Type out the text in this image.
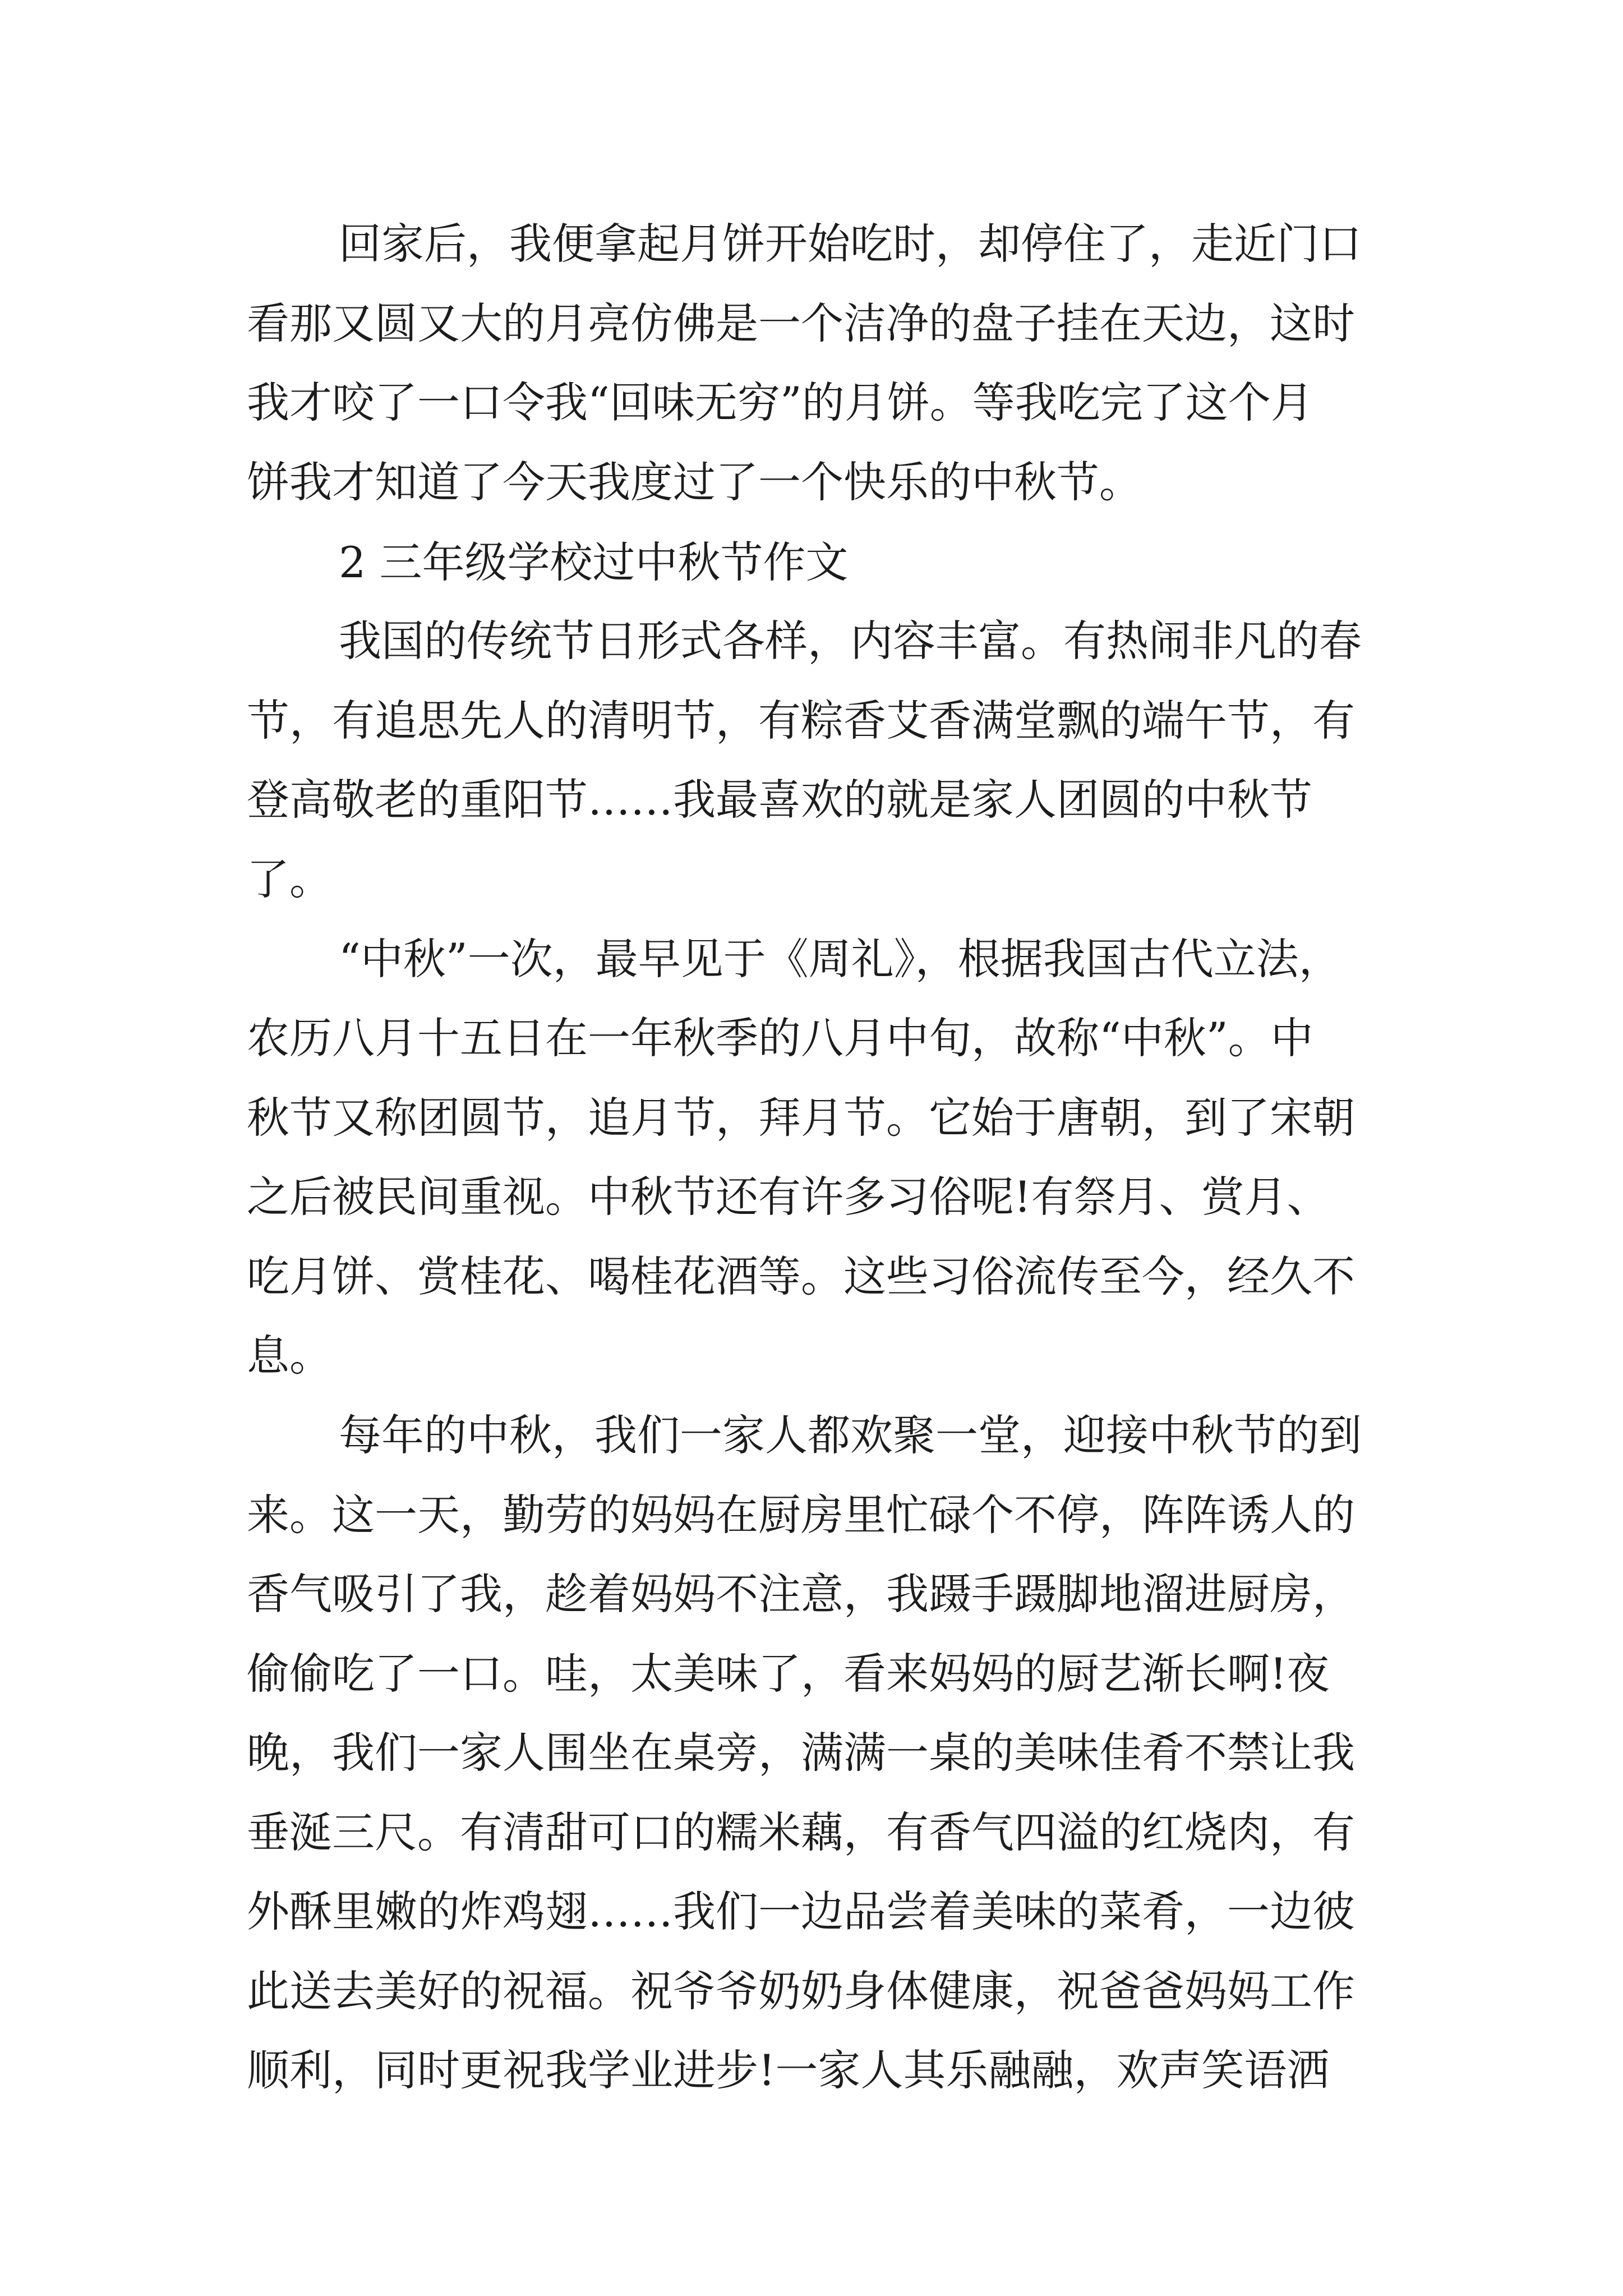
回家后，我便拿起月饼开始吃时，却停住了，走近门口

看那又圆又大的月亮仿佛是一个洁净的盘子挂在天边，这时

我才咬了一口令我“回味无穷”的月饼。等我吃完了这个月

饼我才知道了今天我度过了一个快乐的中秋节。

2 三年级学校过中秋节作文

我国的传统节日形式各样，内容丰富。有热闹非凡的春

节，有追思先人的清明节，有粽香艾香满堂飘的端午节，有

登高敬老的重阳节……我最喜欢的就是家人团圆的中秋节

了。

“中秋”一次，最早见于《周礼》，根据我国古代立法，

农历八月十五日在一年秋季的八月中旬，故称“中秋”。中

秋节又称团圆节，追月节，拜月节。它始于唐朝，到了宋朝

之后被民间重视。中秋节还有许多习俗呢!有祭月、赏月、

吃月饼、赏桂花、喝桂花酒等。这些习俗流传至今，经久不

息。

每年的中秋，我们一家人都欢聚一堂，迎接中秋节的到

来。这一天，勤劳的妈妈在厨房里忙碌个不停，阵阵诱人的

香气吸引了我，趁着妈妈不注意，我蹑手蹑脚地溜进厨房，

偷偷吃了一口。哇，太美味了，看来妈妈的厨艺渐长啊!夜

晚，我们一家人围坐在桌旁，满满一桌的美味佳肴不禁让我

垂涎三尺。有清甜可口的糯米藕，有香气四溢的红烧肉，有

外酥里嫩的炸鸡翅……我们一边品尝着美味的菜肴，一边彼

此送去美好的祝福。祝爷爷奶奶身体健康，祝爸爸妈妈工作

顺利，同时更祝我学业进步!一家人其乐融融，欢声笑语洒
